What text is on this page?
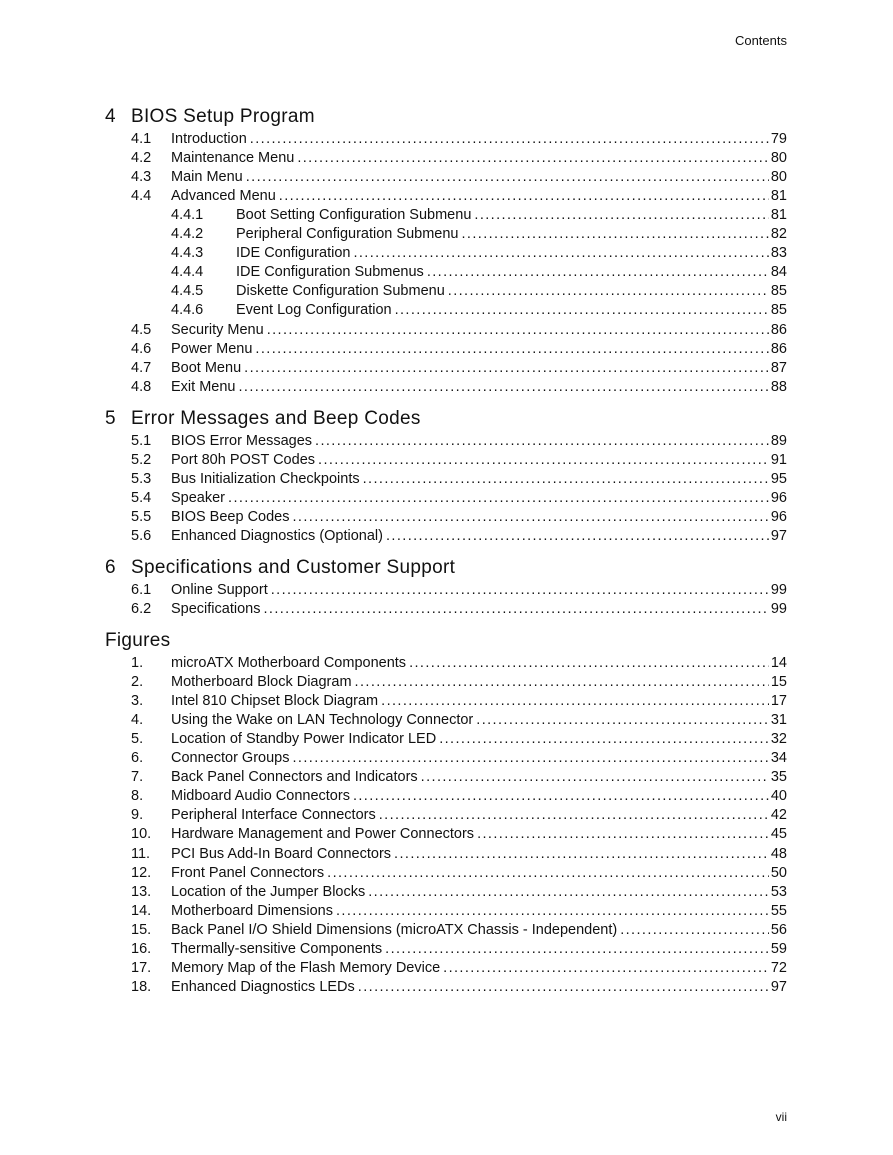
Contents
4 BIOS Setup Program
4.1	Introduction .....	79
4.2	Maintenance Menu .....	80
4.3	Main Menu .....	80
4.4	Advanced Menu .....	81
4.4.1	Boot Setting Configuration Submenu .....	81
4.4.2	Peripheral Configuration Submenu .....	82
4.4.3	IDE Configuration .....	83
4.4.4	IDE Configuration Submenus .....	84
4.4.5	Diskette Configuration Submenu .....	85
4.4.6	Event Log Configuration .....	85
4.5	Security Menu .....	86
4.6	Power Menu .....	86
4.7	Boot Menu .....	87
4.8	Exit Menu .....	88
5 Error Messages and Beep Codes
5.1	BIOS Error Messages .....	89
5.2	Port 80h POST Codes .....	91
5.3	Bus Initialization Checkpoints .....	95
5.4	Speaker .....	96
5.5	BIOS Beep Codes .....	96
5.6	Enhanced Diagnostics (Optional) .....	97
6 Specifications and Customer Support
6.1	Online Support .....	99
6.2	Specifications .....	99
Figures
1.	microATX Motherboard Components .....	14
2.	Motherboard Block Diagram .....	15
3.	Intel 810 Chipset Block Diagram .....	17
4.	Using the Wake on LAN Technology Connector .....	31
5.	Location of Standby Power Indicator LED .....	32
6.	Connector Groups .....	34
7.	Back Panel Connectors and Indicators .....	35
8.	Midboard Audio Connectors .....	40
9.	Peripheral Interface Connectors .....	42
10.	Hardware Management and Power Connectors .....	45
11.	PCI Bus Add-In Board Connectors .....	48
12.	Front Panel Connectors .....	50
13.	Location of the Jumper Blocks .....	53
14.	Motherboard Dimensions .....	55
15.	Back Panel I/O Shield Dimensions (microATX Chassis - Independent) .....	56
16.	Thermally-sensitive Components .....	59
17.	Memory Map of the Flash Memory Device .....	72
18.	Enhanced Diagnostics LEDs .....	97
vii
